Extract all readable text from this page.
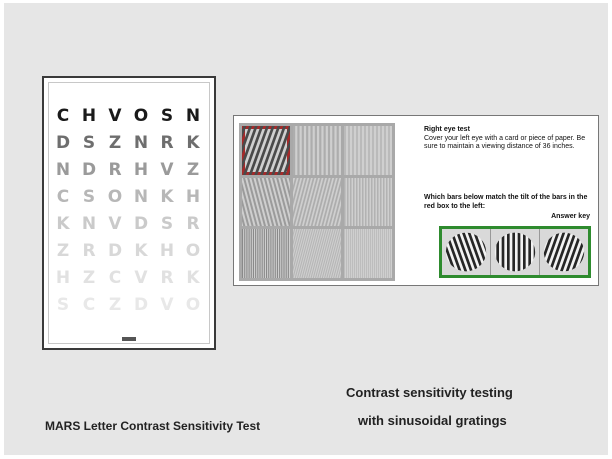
C H V O S N
D S Z N R K
N D R H V Z
C S O N K H
K N V D S R
Z R D K H O
H Z C V R K
S C Z D V O
Right eye test
Cover your left eye with a card or piece of paper. Be sure to maintain a viewing distance of 36 inches.
Which bars below match the tilt of the bars in the red box to the left:
Answer key
MARS Letter Contrast Sensitivity Test
Contrast sensitivity testing
with sinusoidal gratings
